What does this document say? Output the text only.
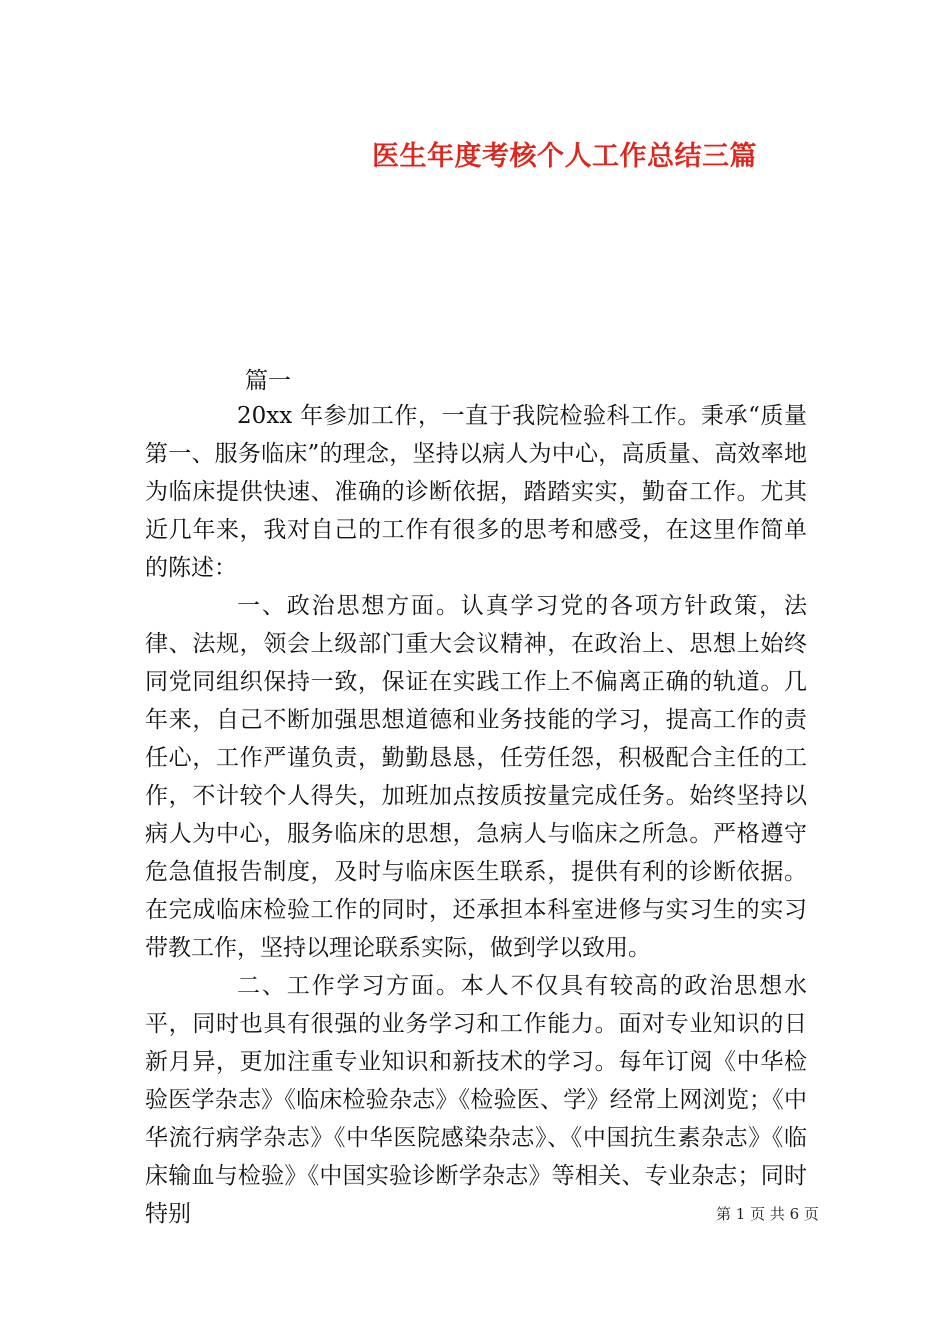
医生年度考核个人工作总结三篇
篇一

20xx 年参加工作，一直于我院检验科工作。秉承“质量第一、服务临床”的理念，坚持以病人为中心，高质量、高效率地为临床提供快速、准确的诊断依据，踏踏实实，勤奋工作。尤其近几年来，我对自己的工作有很多的思考和感受，在这里作简单的陈述：

一、政治思想方面。认真学习党的各项方针政策，法律、法规，领会上级部门重大会议精神，在政治上、思想上始终同党同组织保持一致，保证在实践工作上不偏离正确的轨道。几年来，自己不断加强思想道德和业务技能的学习，提高工作的责任心，工作严谨负责，勤勤恳恳，任劳任怨，积极配合主任的工作，不计较个人得失，加班加点按质按量完成任务。始终坚持以病人为中心，服务临床的思想，急病人与临床之所急。严格遵守危急值报告制度，及时与临床医生联系，提供有利的诊断依据。在完成临床检验工作的同时，还承担本科室进修与实习生的实习带教工作，坚持以理论联系实际，做到学以致用。

二、工作学习方面。本人不仅具有较高的政治思想水平，同时也具有很强的业务学习和工作能力。面对专业知识的日新月异，更加注重专业知识和新技术的学习。每年订阅《中华检验医学杂志》《临床检验杂志》《检验医、学》经常上网浏览；《中华流行病学杂志》《中华医院感染杂志》、《中国抗生素杂志》《临床输血与检验》《中国实验诊断学杂志》等相关、专业杂志；同时特别	第 1 页 共 6 页
